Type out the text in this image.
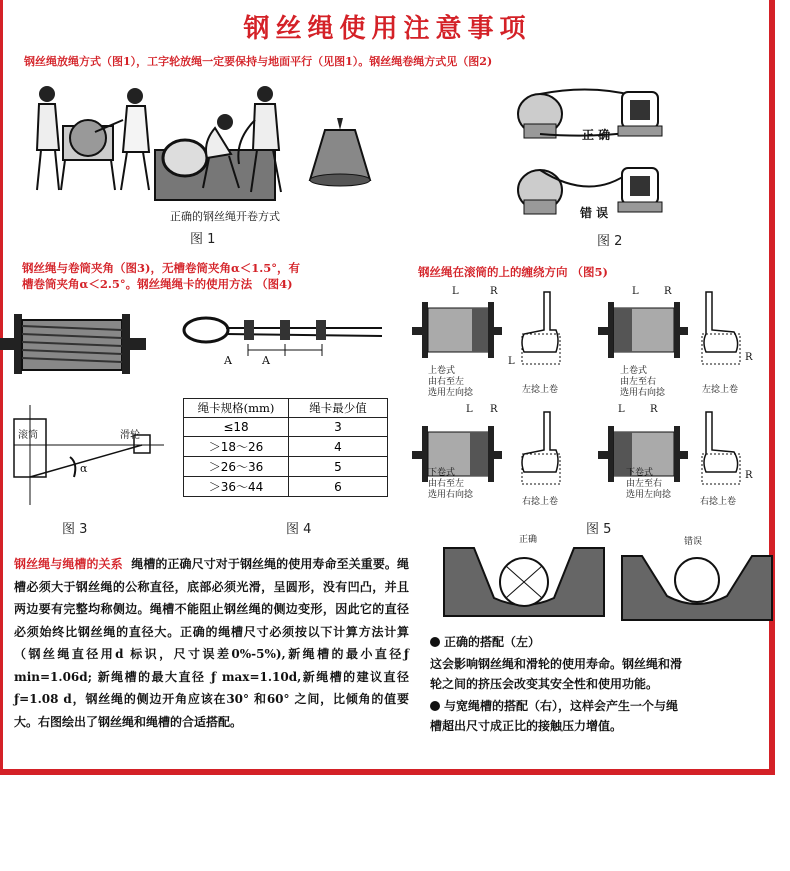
钢丝绳使用注意事项
钢丝绳放绳方式（图1），工字轮放绳一定要保持与地面平行（见图1）。钢丝绳卷绳方式见（图2)
正确的钢丝绳开卷方式
图 1
正 确
错 误
图 2
钢丝绳与卷筒夹角（图3)，无槽卷筒夹角α＜1.5°，有
槽卷筒夹角α＜2.5°。钢丝绳绳卡的使用方法 （图4)
滚筒	滑轮
α
图 3
A	A
绳卡规格(mm)	绳卡最少值
≤18	3
＞18～26	4
＞26～36	5
＞36～44	6
图 4
钢丝绳在滚筒的上的缠绕方向 （图5)
L	R
L
L	R
R
L R	L	R
R
上卷式
由右至左
选用左向捻	左捻上卷
上卷式
由左至右
选用右向捻	左捻上卷
下卷式
由右至左
选用右向捻
右捻上卷
下卷式
由左至右
选用左向捻
右捻上卷
图 5
正确	错误
钢丝绳与绳槽的关系 绳槽的正确尺寸对于钢丝绳的使用寿命至关重要。绳槽必须大于钢丝绳的公称直径，底部必须光滑，呈圆形，没有凹凸，并且两边要有完整均称侧边。绳槽不能阻止钢丝绳的侧边变形，因此它的直径必须始终比钢丝绳的直径大。正确的绳槽尺寸必须按以下计算方法计算（钢丝绳直径用d 标识，尺寸误差0%-5%),新绳槽的最小直径ƒ min=1.06d; 新绳槽的最大直径 ƒ max=1.10d,新绳槽的建议直径ƒ=1.08 d，钢丝绳的侧边开角应该在30° 和60° 之间，比倾角的值要大。右图绘出了钢丝绳和绳槽的合适搭配。
正确的搭配（左）
这会影响钢丝绳和滑轮的使用寿命。钢丝绳和滑
轮之间的挤压会改变其安全性和使用功能。
与宽绳槽的搭配（右），这样会产生一个与绳
槽超出尺寸成正比的接触压力增值。
